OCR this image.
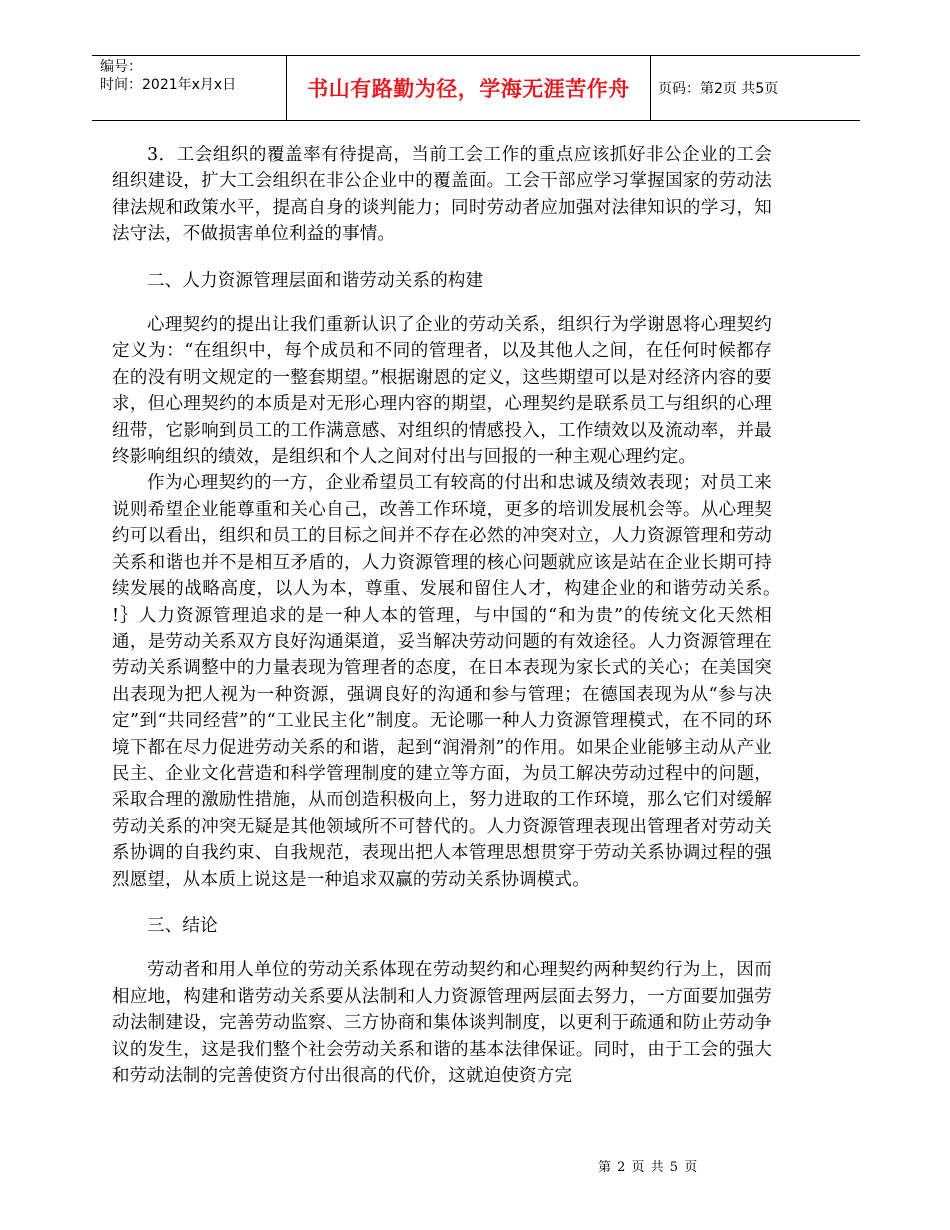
编号：
时间：2021年x月x日	书山有路勤为径，学海无涯苦作舟	页码：第2页 共5页

3．工会组织的覆盖率有待提高，当前工会工作的重点应该抓好非公企业的工会组织建设，扩大工会组织在非公企业中的覆盖面。工会干部应学习掌握国家的劳动法律法规和政策水平，提高自身的谈判能力；同时劳动者应加强对法律知识的学习，知法守法，不做损害单位利益的事情。

二、人力资源管理层面和谐劳动关系的构建

心理契约的提出让我们重新认识了企业的劳动关系，组织行为学谢恩将心理契约定义为：“在组织中，每个成员和不同的管理者，以及其他人之间，在任何时候都存在的没有明文规定的一整套期望。”根据谢恩的定义，这些期望可以是对经济内容的要求，但心理契约的本质是对无形心理内容的期望，心理契约是联系员工与组织的心理纽带，它影响到员工的工作满意感、对组织的情感投入，工作绩效以及流动率，并最终影响组织的绩效，是组织和个人之间对付出与回报的一种主观心理约定。

作为心理契约的一方，企业希望员工有较高的付出和忠诚及绩效表现；对员工来说则希望企业能尊重和关心自己，改善工作环境，更多的培训发展机会等。从心理契约可以看出，组织和员工的目标之间并不存在必然的冲突对立，人力资源管理和劳动关系和谐也并不是相互矛盾的，人力资源管理的核心问题就应该是站在企业长期可持续发展的战略高度，以人为本，尊重、发展和留住人才，构建企业的和谐劳动关系。　 !｝人力资源管理追求的是一种人本的管理，与中国的“和为贵”的传统文化天然相通，是劳动关系双方良好沟通渠道，妥当解决劳动问题的有效途径。人力资源管理在劳动关系调整中的力量表现为管理者的态度，在日本表现为家长式的关心；在美国突出表现为把人视为一种资源，强调良好的沟通和参与管理；在德国表现为从“参与决定”到“共同经营”的“工业民主化”制度。无论哪一种人力资源管理模式，在不同的环境下都在尽力促进劳动关系的和谐，起到“润滑剂”的作用。如果企业能够主动从产业民主、企业文化营造和科学管理制度的建立等方面，为员工解决劳动过程中的问题，采取合理的激励性措施，从而创造积极向上，努力进取的工作环境，那么它们对缓解劳动关系的冲突无疑是其他领域所不可替代的。人力资源管理表现出管理者对劳动关系协调的自我约束、自我规范，表现出把人本管理思想贯穿于劳动关系协调过程的强烈愿望，从本质上说这是一种追求双赢的劳动关系协调模式。

三、结论

劳动者和用人单位的劳动关系体现在劳动契约和心理契约两种契约行为上，因而相应地，构建和谐劳动关系要从法制和人力资源管理两层面去努力，一方面要加强劳动法制建设，完善劳动监察、三方协商和集体谈判制度，以更利于疏通和防止劳动争议的发生，这是我们整个社会劳动关系和谐的基本法律保证。同时，由于工会的强大和劳动法制的完善使资方付出很高的代价，这就迫使资方完

第 2 页 共 5 页
